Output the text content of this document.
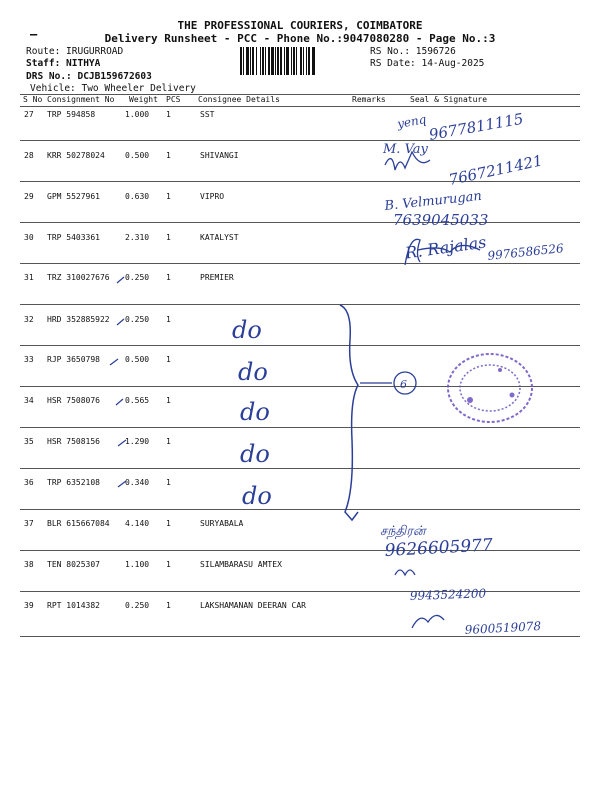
THE PROFESSIONAL COURIERS, COIMBATORE
Delivery Runsheet - PCC - Phone No.:9047080280 - Page No.:3
–
Route: IRUGURROAD
Staff: NITHYA
DRS No.: DCJB159672603
Vehicle: Two Wheeler Delivery
RS No.: 1596726
RS Date: 14-Aug-2025
S No Consignment No Weight PCS Consignee Details	Remarks	Seal & Signature
27 TRP 594858	1.000 1	SST
28 KRR 50278024	0.500 1	SHIVANGI
29 GPM 5527961	0.630 1	VIPRO
30 TRP 5403361	2.310 1	KATALYST
31 TRZ 310027676 0.250 1	PREMIER
32 HRD 352885922 0.250 1
33 RJP 3650798	0.500 1
34 HSR 7508076	0.565 1
35 HSR 7508156	1.290 1
36 TRP 6352108	0.340 1
37 BLR 615667084 4.140 1	SURYABALA
38 TEN 8025307	1.100 1	SILAMBARASU AMTEX
39 RPT 1014382	0.250 1	LAKSHAMANAN DEERAN CAR
yenq 9677811115
7667211421
B. Velmurugan
7639045033
9976586526
do
do
do
do
do
6
சந்திரன்
9626605977
9943524200
9600519078
M. Vay
R. Rajalas
